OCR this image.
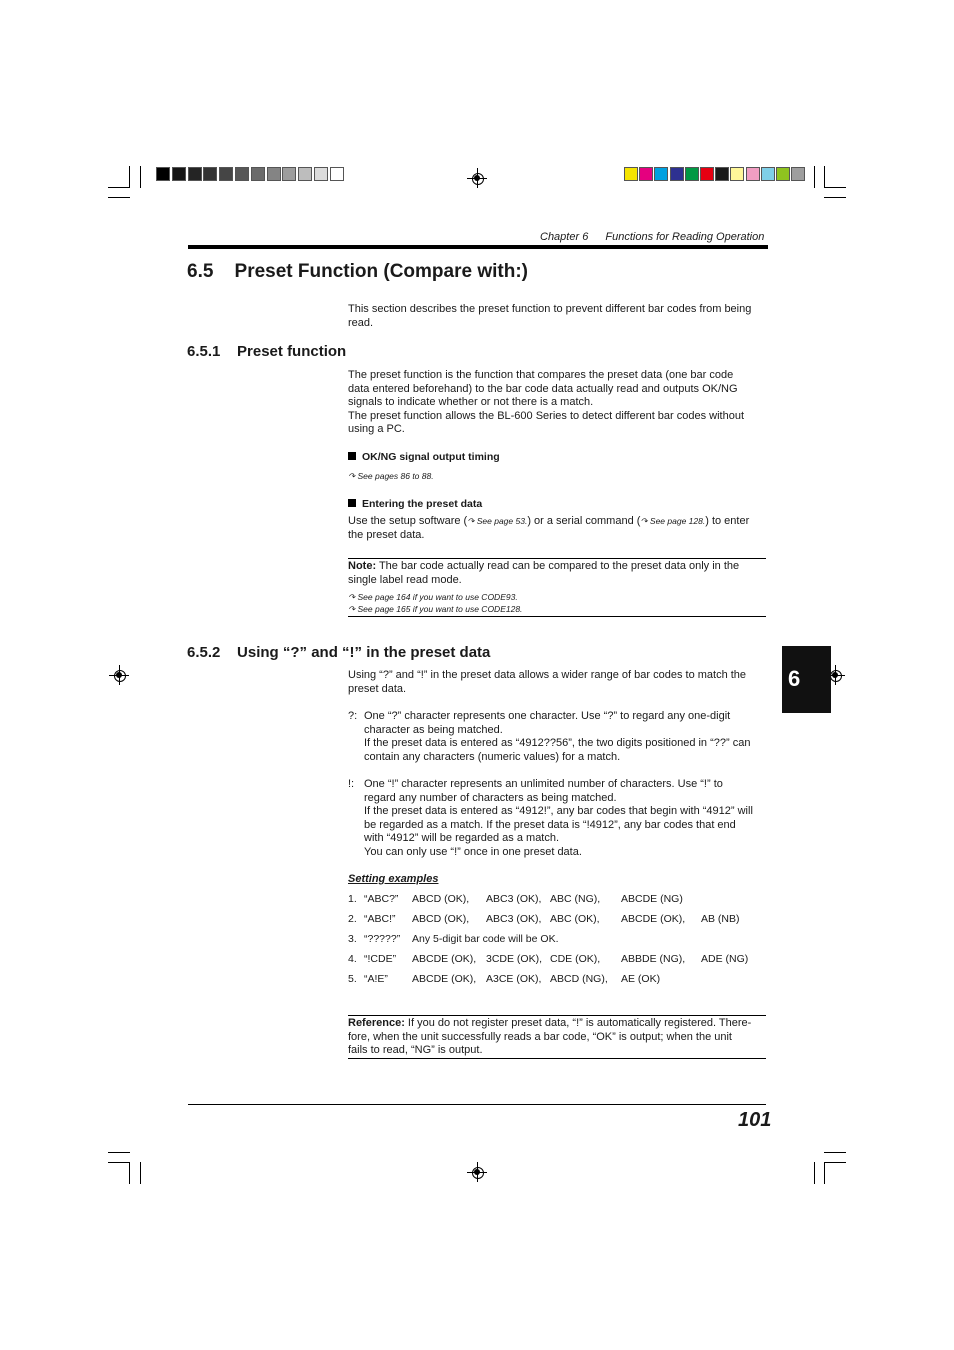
Chapter 6 Functions for Reading Operation
6.5    Preset Function (Compare with:)
This section describes the preset function to prevent different bar codes from being
read.
6.5.1    Preset function
The preset function is the function that compares the preset data (one bar code
data entered beforehand) to the bar code data actually read and outputs OK/NG
signals to indicate whether or not there is a match.
The preset function allows the BL-600 Series to detect different bar codes without
using a PC.
OK/NG signal output timing
↷ See pages 86 to 88.
Entering the preset data
Use the setup software (↷ See page 53.) or a serial command (↷ See page 128.) to enter
the preset data.
Note: The bar code actually read can be compared to the preset data only in the
single label read mode.
↷ See page 164 if you want to use CODE93.
↷ See page 165 if you want to use CODE128.
6.5.2    Using “?” and “!” in the preset data
Using “?” and “!” in the preset data allows a wider range of bar codes to match the
preset data.
?: One “?” character represents one character. Use “?” to regard any one-digit
character as being matched.
If the preset data is entered as “4912??56”, the two digits positioned in “??” can
contain any characters (numeric values) for a match.
!: One “!” character represents an unlimited number of characters. Use “!” to
regard any number of characters as being matched.
If the preset data is entered as “4912!”, any bar codes that begin with “4912” will
be regarded as a match. If the preset data is “!4912”, any bar codes that end
with “4912” will be regarded as a match.
You can only use “!” once in one preset data.
Setting examples
1. “ABC?” ABCD (OK), ABC3 (OK), ABC (NG), ABCDE (NG)
2. “ABC!” ABCD (OK), ABC3 (OK), ABC (OK), ABCDE (OK), AB (NB)
3. “?????” Any 5-digit bar code will be OK.
4. “!CDE” ABCDE (OK), 3CDE (OK), CDE (OK), ABBDE (NG), ADE (NG)
5. “A!E” ABCDE (OK), A3CE (OK), ABCD (NG), AE (OK)
Reference: If you do not register preset data, “!” is automatically registered. There-
fore, when the unit successfully reads a bar code, “OK” is output; when the unit
fails to read, “NG” is output.
6
101
